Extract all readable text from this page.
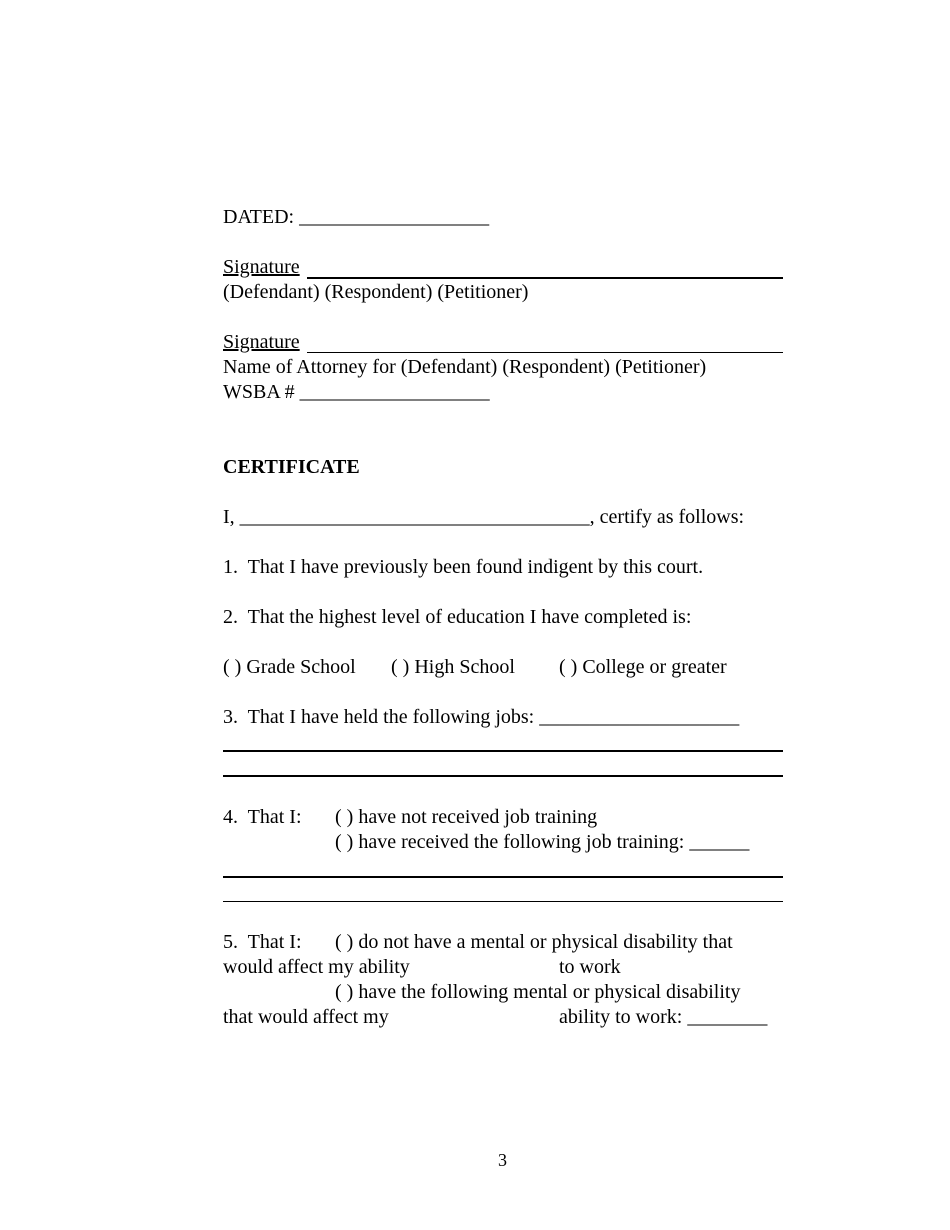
DATED: ___________________
Signature
(Defendant) (Respondent) (Petitioner)
Signature
Name of Attorney for (Defendant) (Respondent) (Petitioner)
WSBA # ___________________
CERTIFICATE
I, ___________________________________, certify as follows:
1.  That I have previously been found indigent by this court.
2.  That the highest level of education I have completed is:
( ) Grade School ( ) High School ( ) College or greater
3.  That I have held the following jobs: ____________________
4.  That I: ( ) have not received job training
( ) have received the following job training: ______
5.  That I: ( ) do not have a mental or physical disability that
would affect my ability	to work
( ) have the following mental or physical disability
that would affect my	ability to work: ________
3
